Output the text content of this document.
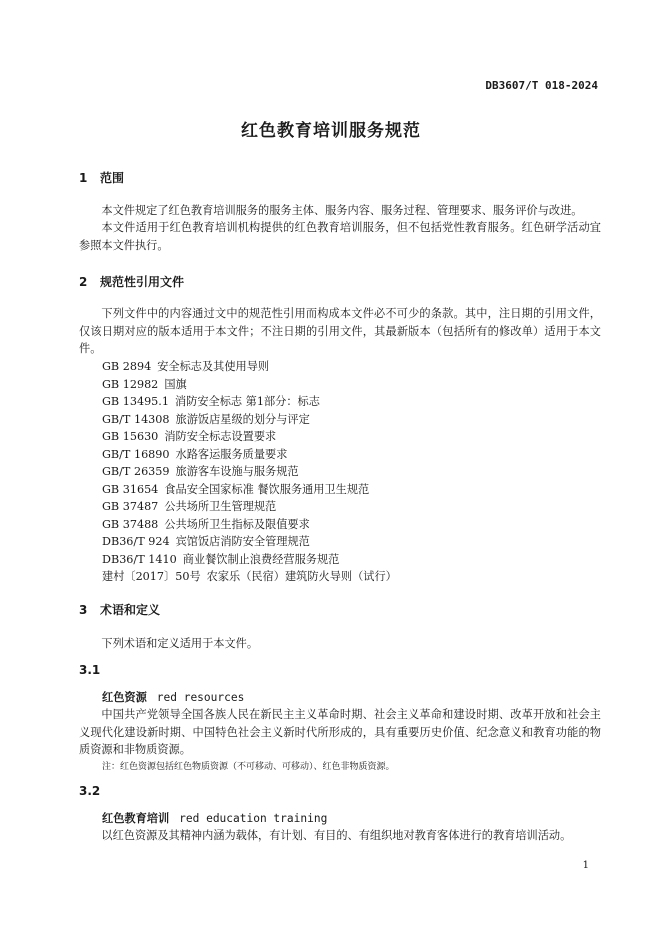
DB3607/T 018-2024
红色教育培训服务规范
1 范围
本文件规定了红色教育培训服务的服务主体、服务内容、服务过程、管理要求、服务评价与改进。
本文件适用于红色教育培训机构提供的红色教育培训服务，但不包括党性教育服务。红色研学活动宜参照本文件执行。
2 规范性引用文件
下列文件中的内容通过文中的规范性引用而构成本文件必不可少的条款。其中，注日期的引用文件，仅该日期对应的版本适用于本文件；不注日期的引用文件，其最新版本（包括所有的修改单）适用于本文件。
GB 2894 安全标志及其使用导则
GB 12982 国旗
GB 13495.1 消防安全标志 第1部分：标志
GB/T 14308 旅游饭店星级的划分与评定
GB 15630 消防安全标志设置要求
GB/T 16890 水路客运服务质量要求
GB/T 26359 旅游客车设施与服务规范
GB 31654 食品安全国家标准 餐饮服务通用卫生规范
GB 37487 公共场所卫生管理规范
GB 37488 公共场所卫生指标及限值要求
DB36/T 924 宾馆饭店消防安全管理规范
DB36/T 1410 商业餐饮制止浪费经营服务规范
建村〔2017〕50号 农家乐（民宿）建筑防火导则（试行）
3 术语和定义
下列术语和定义适用于本文件。
3.1
红色资源 red resources
中国共产党领导全国各族人民在新民主主义革命时期、社会主义革命和建设时期、改革开放和社会主义现代化建设新时期、中国特色社会主义新时代所形成的，具有重要历史价值、纪念意义和教育功能的物质资源和非物质资源。
注：红色资源包括红色物质资源（不可移动、可移动）、红色非物质资源。
3.2
红色教育培训 red education training
以红色资源及其精神内涵为载体，有计划、有目的、有组织地对教育客体进行的教育培训活动。
1
